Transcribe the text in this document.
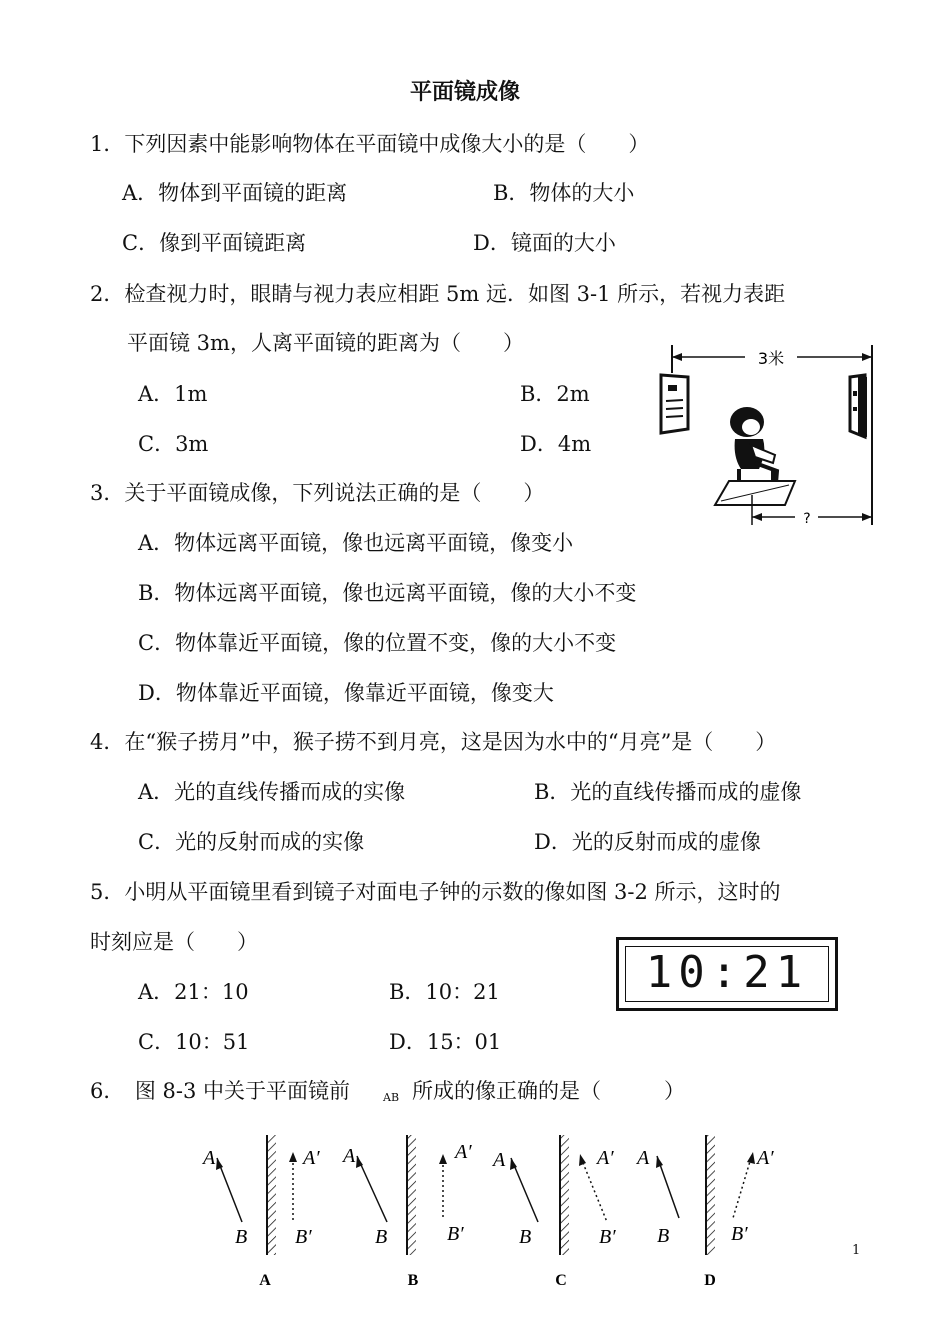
平面镜成像
1．下列因素中能影响物体在平面镜中成像大小的是（　　）
A．物体到平面镜的距离	B．物体的大小
C．像到平面镜距离	D．镜面的大小
2．检查视力时，眼睛与视力表应相距 5m 远．如图 3-1 所示，若视力表距
平面镜 3m，人离平面镜的距离为（　　）
A．1m	B．2m
C．3m	D．4m
3米
?
3．关于平面镜成像，下列说法正确的是（　　）
A．物体远离平面镜，像也远离平面镜，像变小
B．物体远离平面镜，像也远离平面镜，像的大小不变
C．物体靠近平面镜，像的位置不变，像的大小不变
D．物体靠近平面镜，像靠近平面镜，像变大
4．在“猴子捞月”中，猴子捞不到月亮，这是因为水中的“月亮”是（　　）
A．光的直线传播而成的实像	B．光的直线传播而成的虚像
C．光的反射而成的实像	D．光的反射而成的虚像
5．小明从平面镜里看到镜子对面电子钟的示数的像如图 3-2 所示，这时的
时刻应是（　　）
A．21：10	B．10：21
C．10：51	D．15：01
10:21
6．　图 8-3 中关于平面镜前	AB 所成的像正确的是（　　　）
A
B
A′
B′
A
B
A′
B′
A
B
A′
B′
A
B
A′
B′
A	B	C	D
1
